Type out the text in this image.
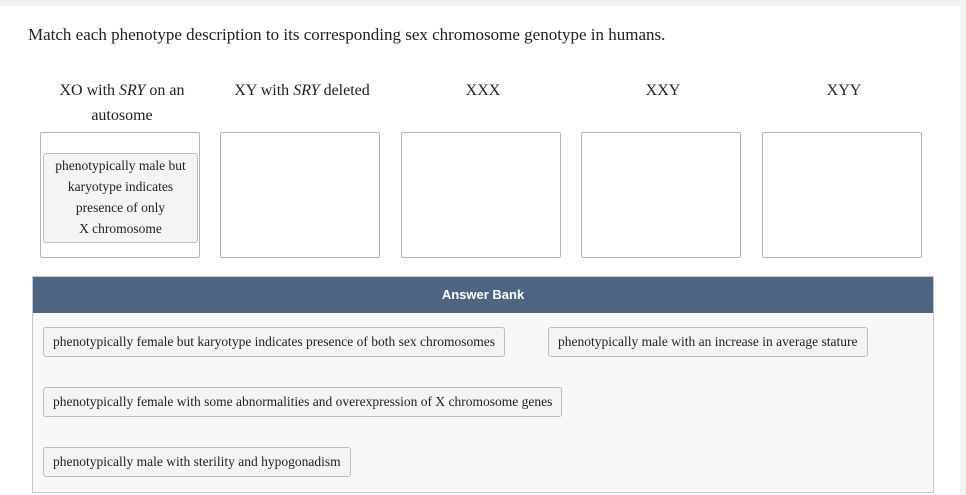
Match each phenotype description to its corresponding sex chromosome genotype in humans.
XO with SRY on an autosome
XY with SRY deleted	XXX	XXY	XYY
phenotypically male but
karyotype indicates
presence of only
X chromosome
Answer Bank
phenotypically female but karyotype indicates presence of both sex chromosomes	phenotypically male with an increase in average stature
phenotypically female with some abnormalities and overexpression of X chromosome genes
phenotypically male with sterility and hypogonadism
